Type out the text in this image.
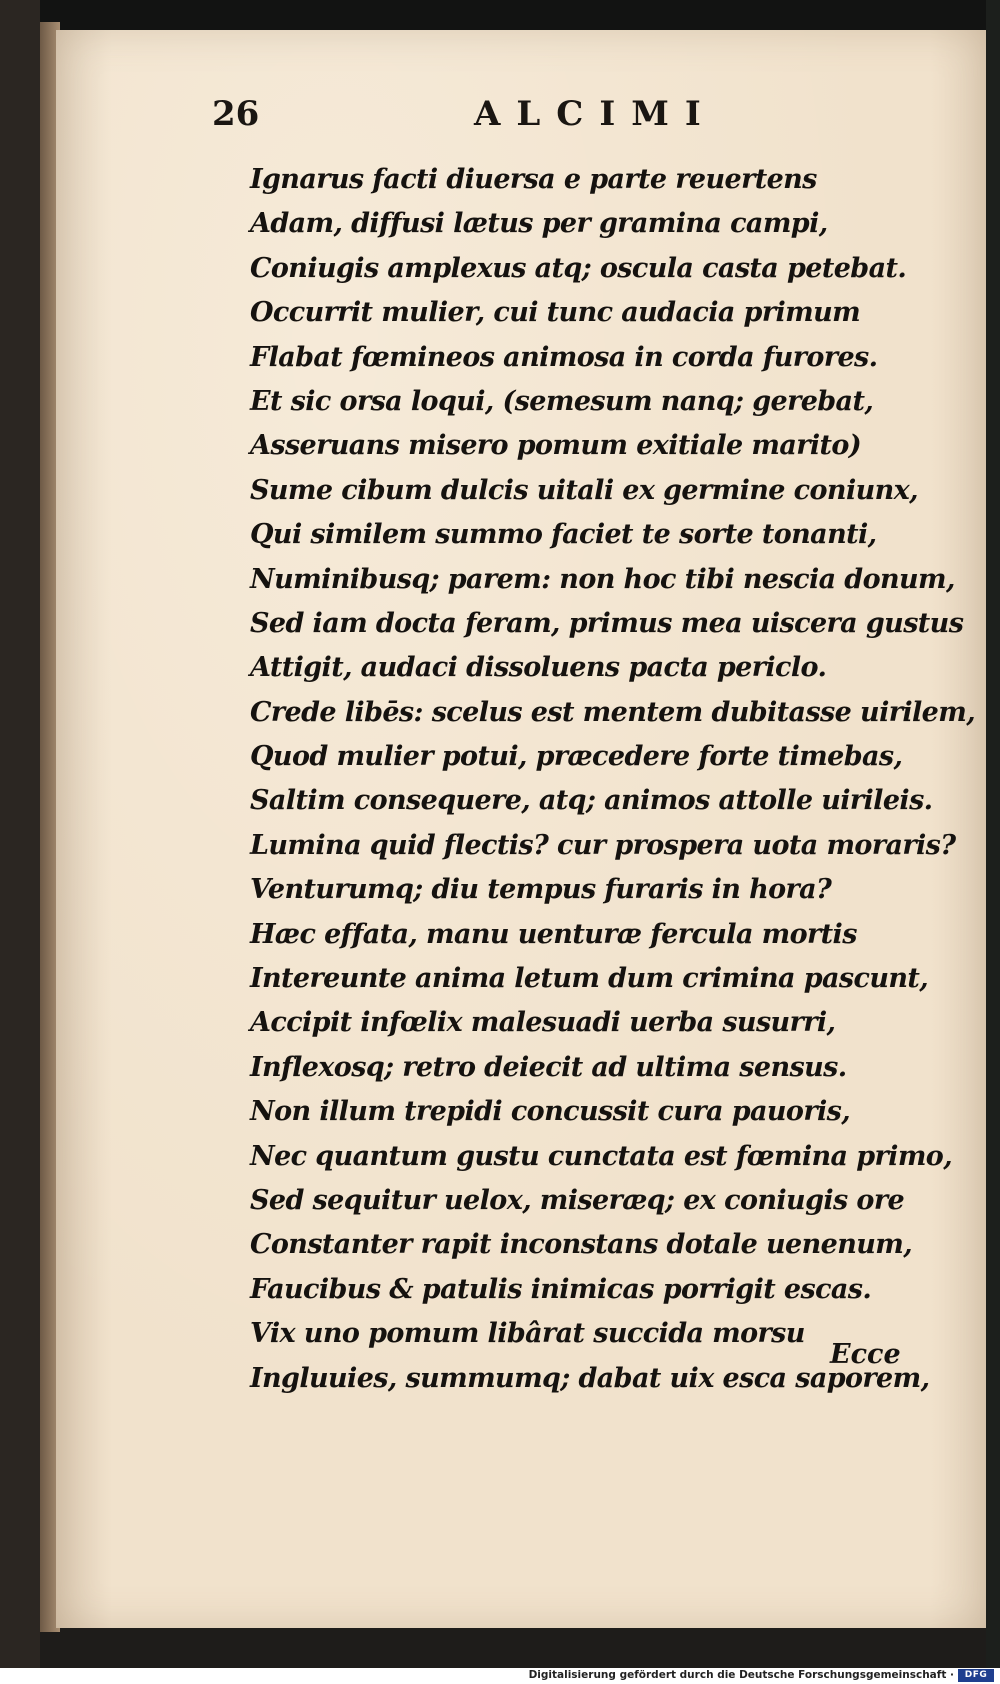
26	ALCIMI
Ignarus facti diuersa e parte reuertens
Adam, diffusi lætus per gramina campi,
Coniugis amplexus atq; oscula casta petebat.
Occurrit mulier, cui tunc audacia primum
Flabat fœmineos animosa in corda furores.
Et sic orsa loqui, (semesum nanq; gerebat,
Asseruans misero pomum exitiale marito)
Sume cibum dulcis uitali ex germine coniunx,
Qui similem summo faciet te sorte tonanti,
Numinibusq; parem: non hoc tibi nescia donum,
Sed iam docta feram, primus mea uiscera gustus
Attigit, audaci dissoluens pacta periclo.
Crede libēs: scelus est mentem dubitasse uirilem,
Quod mulier potui, præcedere forte timebas,
Saltim consequere, atq; animos attolle uirileis.
Lumina quid flectis? cur prospera uota moraris?
Venturumq; diu tempus furaris in hora?
Hæc effata, manu uenturæ fercula mortis
Intereunte anima letum dum crimina pascunt,
Accipit infœlix malesuadi uerba susurri,
Inflexosq; retro deiecit ad ultima sensus.
Non illum trepidi concussit cura pauoris,
Nec quantum gustu cunctata est fœmina primo,
Sed sequitur uelox, miseræq; ex coniugis ore
Constanter rapit inconstans dotale uenenum,
Faucibus & patulis inimicas porrigit escas.
Vix uno pomum libârat succida morsu
Ingluuies, summumq; dabat uix esca saporem,
Ecce
Digitalisierung gefördert durch die Deutsche Forschungsgemeinschaft ·	DFG
